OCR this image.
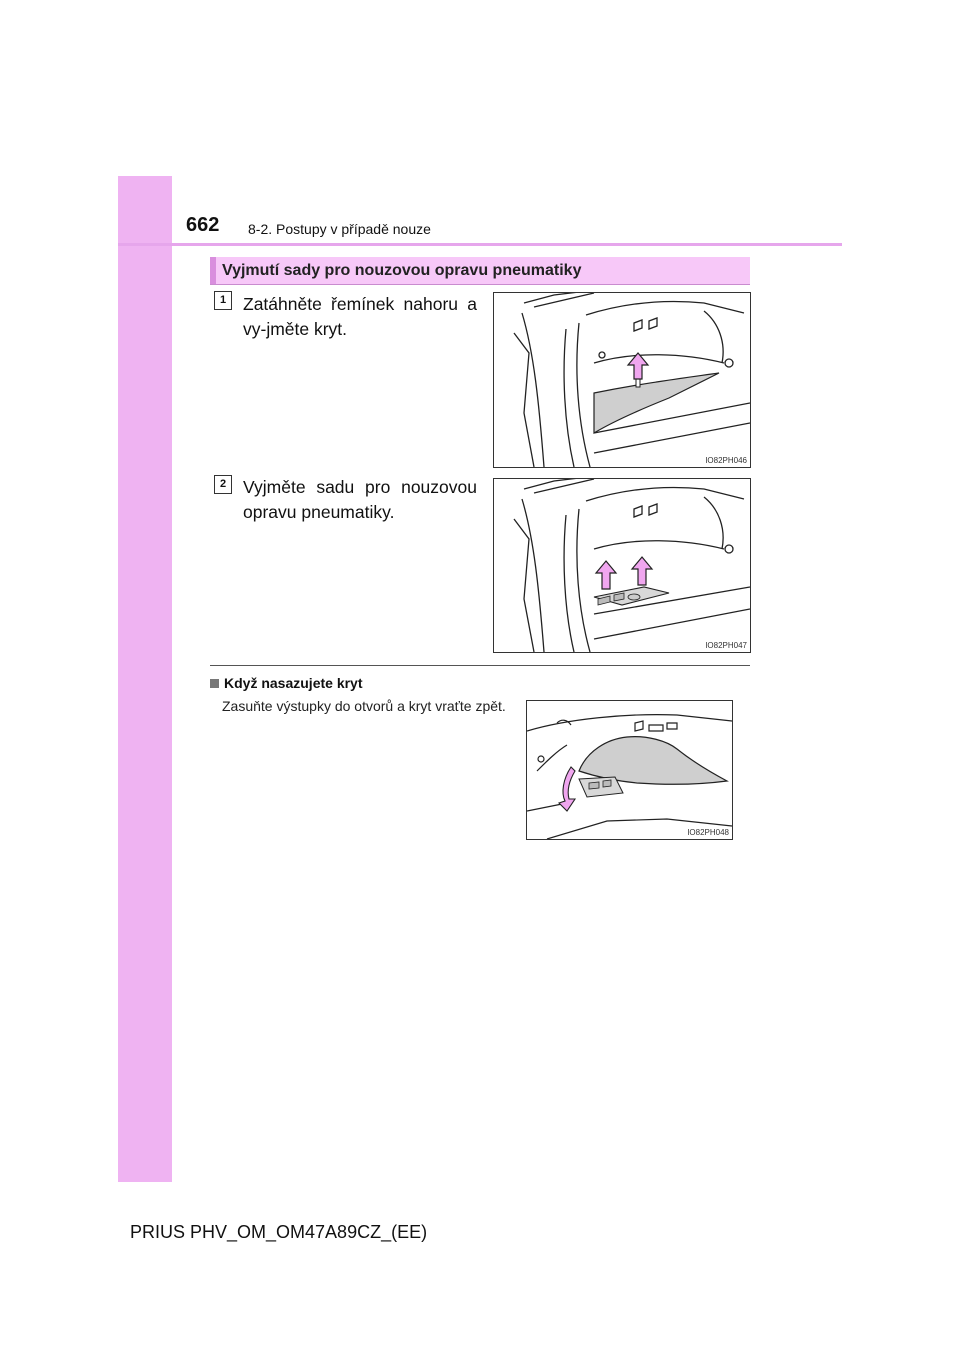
662 8-2. Postupy v případě nouze
Vyjmutí sady pro nouzovou opravu pneumatiky
1 Zatáhněte řemínek nahoru a vy-jměte kryt.
IO82PH046
2 Vyjměte sadu pro nouzovou opravu pneumatiky.
IO82PH047
Když nasazujete kryt
Zasuňte výstupky do otvorů a kryt vraťte zpět.
IO82PH048
PRIUS PHV_OM_OM47A89CZ_(EE)
